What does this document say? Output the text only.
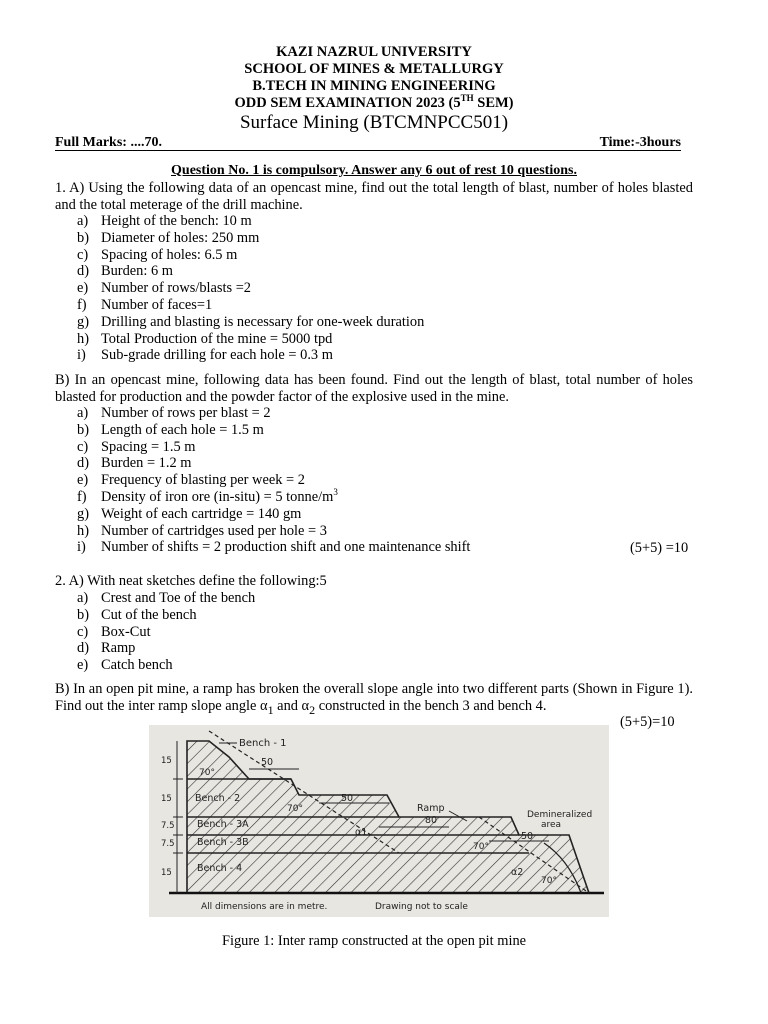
KAZI NAZRUL UNIVERSITY
SCHOOL OF MINES & METALLURGY
B.TECH IN MINING ENGINEERING
ODD SEM EXAMINATION 2023 (5TH SEM)
Surface Mining (BTCMNPCC501)
Full Marks: ....70.	Time:-3hours
Question No. 1 is compulsory. Answer any 6 out of rest 10 questions.
1. A) Using the following data of an opencast mine, find out the total length of blast, number of holes blasted and the total meterage of the drill machine.
a) Height of the bench: 10 m
b) Diameter of holes: 250 mm
c) Spacing of holes: 6.5 m
d) Burden: 6 m
e) Number of rows/blasts =2
f) Number of faces=1
g) Drilling and blasting is necessary for one-week duration
h) Total Production of the mine = 5000 tpd
i) Sub-grade drilling for each hole = 0.3 m
B) In an opencast mine, following data has been found. Find out the length of blast, total number of holes blasted for production and the powder factor of the explosive used in the mine.
a) Number of rows per blast = 2
b) Length of each hole = 1.5 m
c) Spacing = 1.5 m
d) Burden = 1.2 m
e) Frequency of blasting per week = 2
f) Density of iron ore (in-situ) = 5 tonne/$m^3$
g) Weight of each cartridge = 140 gm
h) Number of cartridges used per hole = 3
i) Number of shifts = 2 production shift and one maintenance shift	(5+5) =10
2. A) With neat sketches define the following:5
a) Crest and Toe of the bench
b) Cut of the bench
c) Box-Cut
d) Ramp
e) Catch bench
B) In an open pit mine, a ramp has broken the overall slope angle into two different parts (Shown in Figure 1). Find out the inter ramp slope angle $\alpha_1$ and $\alpha_2$ constructed in the bench 3 and bench 4.
(5+5)=10
Bench - 1
Bench - 2
Bench - 3A
Bench - 3B
Bench - 4
Ramp
80	Demineralized
area
50
50
50
70°
70°
70°
70°
α1
α2
15
15
7.5
7.5
15
All dimensions are in metre.	Drawing not to scale
Figure 1: Inter ramp constructed at the open pit mine
